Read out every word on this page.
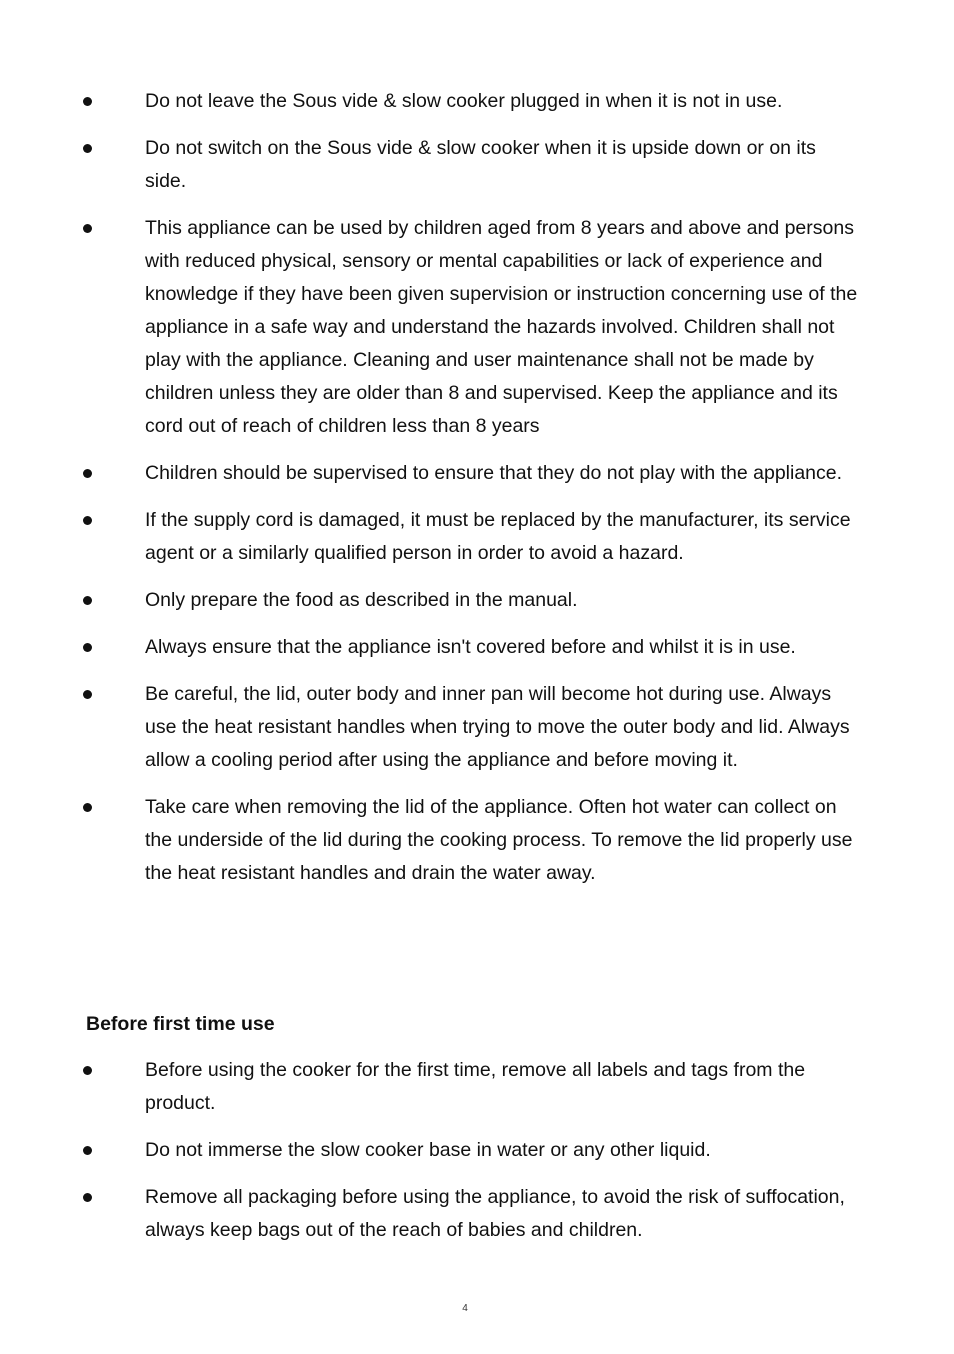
Do not leave the Sous vide & slow cooker plugged in when it is not in use.
Do not switch on the Sous vide & slow cooker when it is upside down or on its side.
This appliance can be used by children aged from 8 years and above and persons with reduced physical, sensory or mental capabilities or lack of experience and knowledge if they have been given supervision or instruction concerning use of the appliance in a safe way and understand the hazards involved. Children shall not play with the appliance. Cleaning and user maintenance shall not be made by children unless they are older than 8 and supervised. Keep the appliance and its cord out of reach of children less than 8 years
Children should be supervised to ensure that they do not play with the appliance.
If the supply cord is damaged, it must be replaced by the manufacturer, its service agent or a similarly qualified person in order to avoid a hazard.
Only prepare the food as described in the manual.
Always ensure that the appliance isn't covered before and whilst it is in use.
Be careful, the lid, outer body and inner pan will become hot during use. Always use the heat resistant handles when trying to move the outer body and lid. Always allow a cooling period after using the appliance and before moving it.
Take care when removing the lid of the appliance. Often hot water can collect on the underside of the lid during the cooking process. To remove the lid properly use the heat resistant handles and drain the water away.
Before first time use
Before using the cooker for the first time, remove all labels and tags from the product.
Do not immerse the slow cooker base in water or any other liquid.
Remove all packaging before using the appliance, to avoid the risk of suffocation, always keep bags out of the reach of babies and children.
4
